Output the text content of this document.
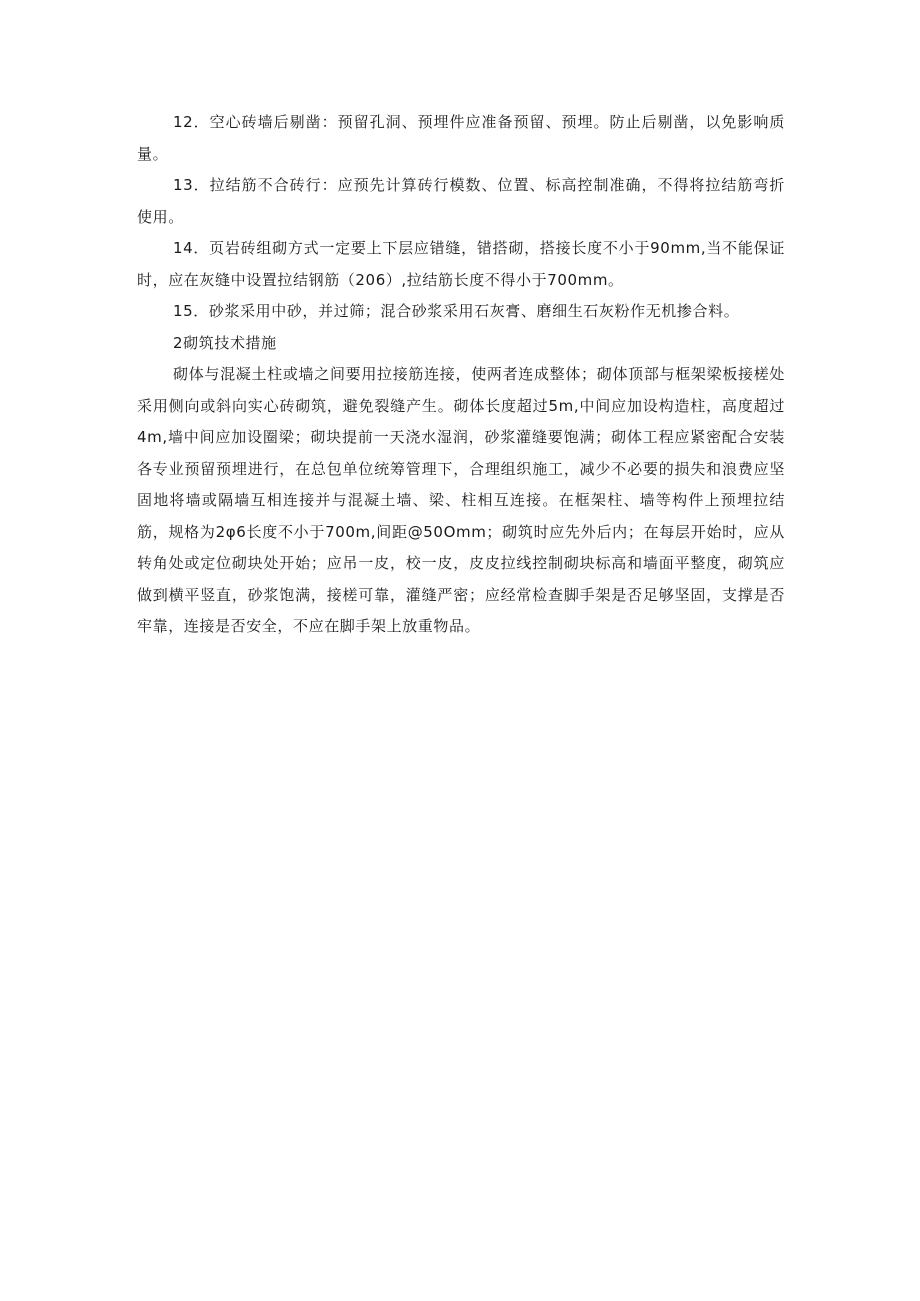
12．空心砖墙后剔凿：预留孔洞、预埋件应准备预留、预埋。防止后剔凿，以免影响质量。

13．拉结筋不合砖行：应预先计算砖行模数、位置、标高控制准确，不得将拉结筋弯折使用。

14．页岩砖组砌方式一定要上下层应错缝，错搭砌，搭接长度不小于90mm,当不能保证时，应在灰缝中设置拉结钢筋（206）,拉结筋长度不得小于700mm。

15．砂浆采用中砂，并过筛；混合砂浆采用石灰膏、磨细生石灰粉作无机掺合料。

2砌筑技术措施

砌体与混凝土柱或墙之间要用拉接筋连接，使两者连成整体；砌体顶部与框架梁板接槎处采用侧向或斜向实心砖砌筑，避免裂缝产生。砌体长度超过5m,中间应加设构造柱，高度超过4m,墙中间应加设圈梁；砌块提前一天浇水湿润，砂浆灌缝要饱满；砌体工程应紧密配合安装各专业预留预埋进行，在总包单位统筹管理下，合理组织施工，减少不必要的损失和浪费应坚固地将墙或隔墙互相连接并与混凝土墙、梁、柱相互连接。在框架柱、墙等构件上预埋拉结筋，规格为2φ6长度不小于700m,间距@50Omm；砌筑时应先外后内；在每层开始时，应从转角处或定位砌块处开始；应吊一皮，校一皮，皮皮拉线控制砌块标高和墙面平整度，砌筑应做到横平竖直，砂浆饱满，接槎可靠，灌缝严密；应经常检查脚手架是否足够坚固，支撑是否牢靠，连接是否安全，不应在脚手架上放重物品。
